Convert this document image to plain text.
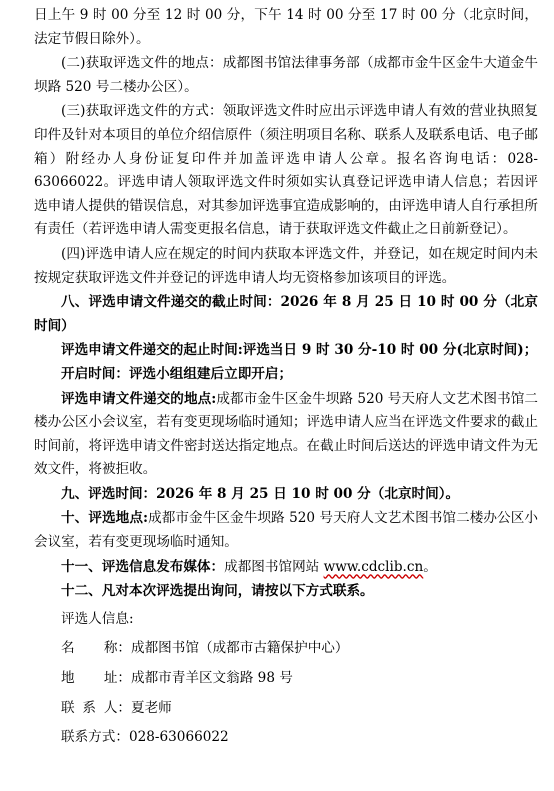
日上午 9 时 00 分至 12 时 00 分，下午 14 时 00 分至 17 时 00 分（北京时间，法定节假日除外）。

(二)获取评选文件的地点：成都图书馆法律事务部（成都市金牛区金牛大道金牛坝路 520 号二楼办公区）。

(三)获取评选文件的方式：领取评选文件时应出示评选申请人有效的营业执照复印件及针对本项目的单位介绍信原件（须注明项目名称、联系人及联系电话、电子邮箱）附经办人身份证复印件并加盖评选申请人公章。报名咨询电话：028-63066022。评选申请人领取评选文件时须如实认真登记评选申请人信息；若因评选申请人提供的错误信息，对其参加评选事宜造成影响的，由评选申请人自行承担所有责任（若评选申请人需变更报名信息，请于获取评选文件截止之日前新登记）。

(四)评选申请人应在规定的时间内获取本评选文件，并登记，如在规定时间内未按规定获取评选文件并登记的评选申请人均无资格参加该项目的评选。

八、评选申请文件递交的截止时间：2026 年 8 月 25 日 10 时 00 分（北京时间）

评选申请文件递交的起止时间:评选当日 9 时 30 分-10 时 00 分(北京时间)；

开启时间：评选小组组建后立即开启；

评选申请文件递交的地点:成都市金牛区金牛坝路 520 号天府人文艺术图书馆二楼办公区小会议室，若有变更现场临时通知；评选申请人应当在评选文件要求的截止时间前，将评选申请文件密封送达指定地点。在截止时间后送达的评选申请文件为无效文件，将被拒收。

九、评选时间：2026 年 8 月 25 日 10 时 00 分（北京时间）。

十、评选地点:成都市金牛区金牛坝路 520 号天府人文艺术图书馆二楼办公区小会议室，若有变更现场临时通知。

十一、评选信息发布媒体：成都图书馆网站 www.cdclib.cn。

十二、凡对本次评选提出询问，请按以下方式联系。

评选人信息:

名 称： 成都图书馆（成都市古籍保护中心）
地 址： 成都市青羊区文翁路 98 号
联 系 人： 夏老师
联系方式： 028-63066022
